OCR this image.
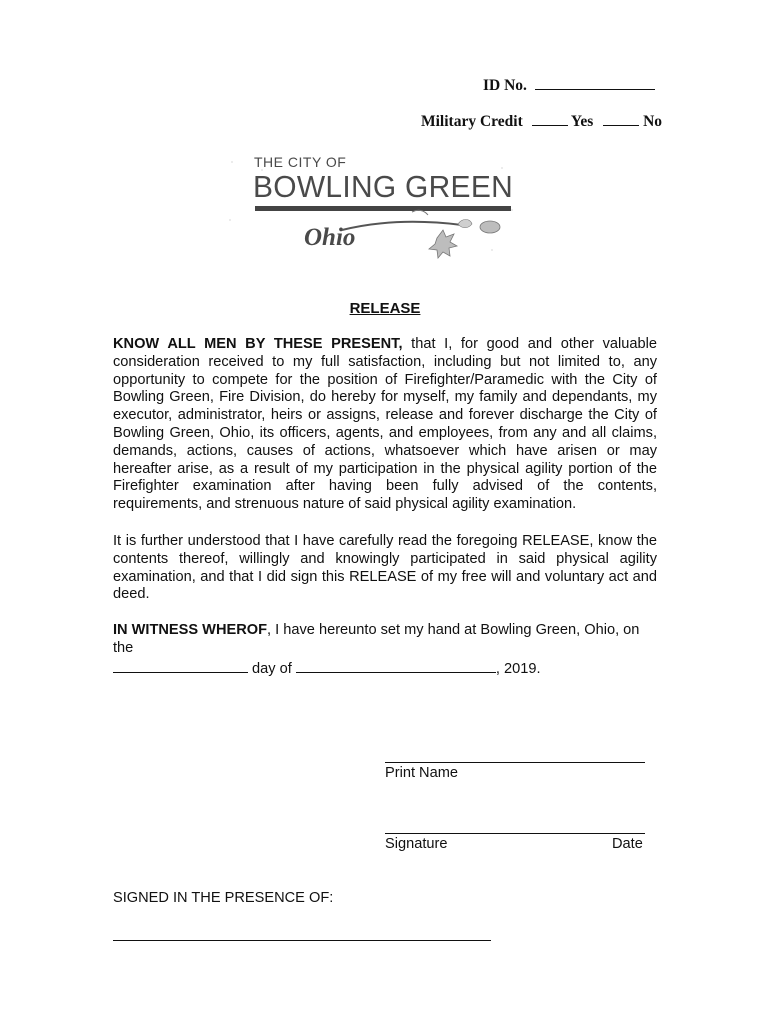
ID No.
Military Credit	Yes	No
THE CITY OF
BOWLING GREEN
Ohio
RELEASE
KNOW ALL MEN BY THESE PRESENT, that I, for good and other valuable consideration received to my full satisfaction, including but not limited to, any opportunity to compete for the position of Firefighter/Paramedic with the City of Bowling Green, Fire Division, do hereby for myself, my family and dependants, my executor, administrator, heirs or assigns, release and forever discharge the City of Bowling Green, Ohio, its officers, agents, and employees, from any and all claims, demands, actions, causes of actions, whatsoever which have arisen or may hereafter arise, as a result of my participation in the physical agility portion of the Firefighter examination after having been fully advised of the contents, requirements, and strenuous nature of said physical agility examination.
It is further understood that I have carefully read the foregoing RELEASE, know the contents thereof, willingly and knowingly participated in said physical agility examination, and that I did sign this RELEASE of my free will and voluntary act and deed.
IN WITNESS WHEROF, I have hereunto set my hand at Bowling Green, Ohio, on the
day of	, 2019.
Print Name
Signature	Date
SIGNED IN THE PRESENCE OF:
